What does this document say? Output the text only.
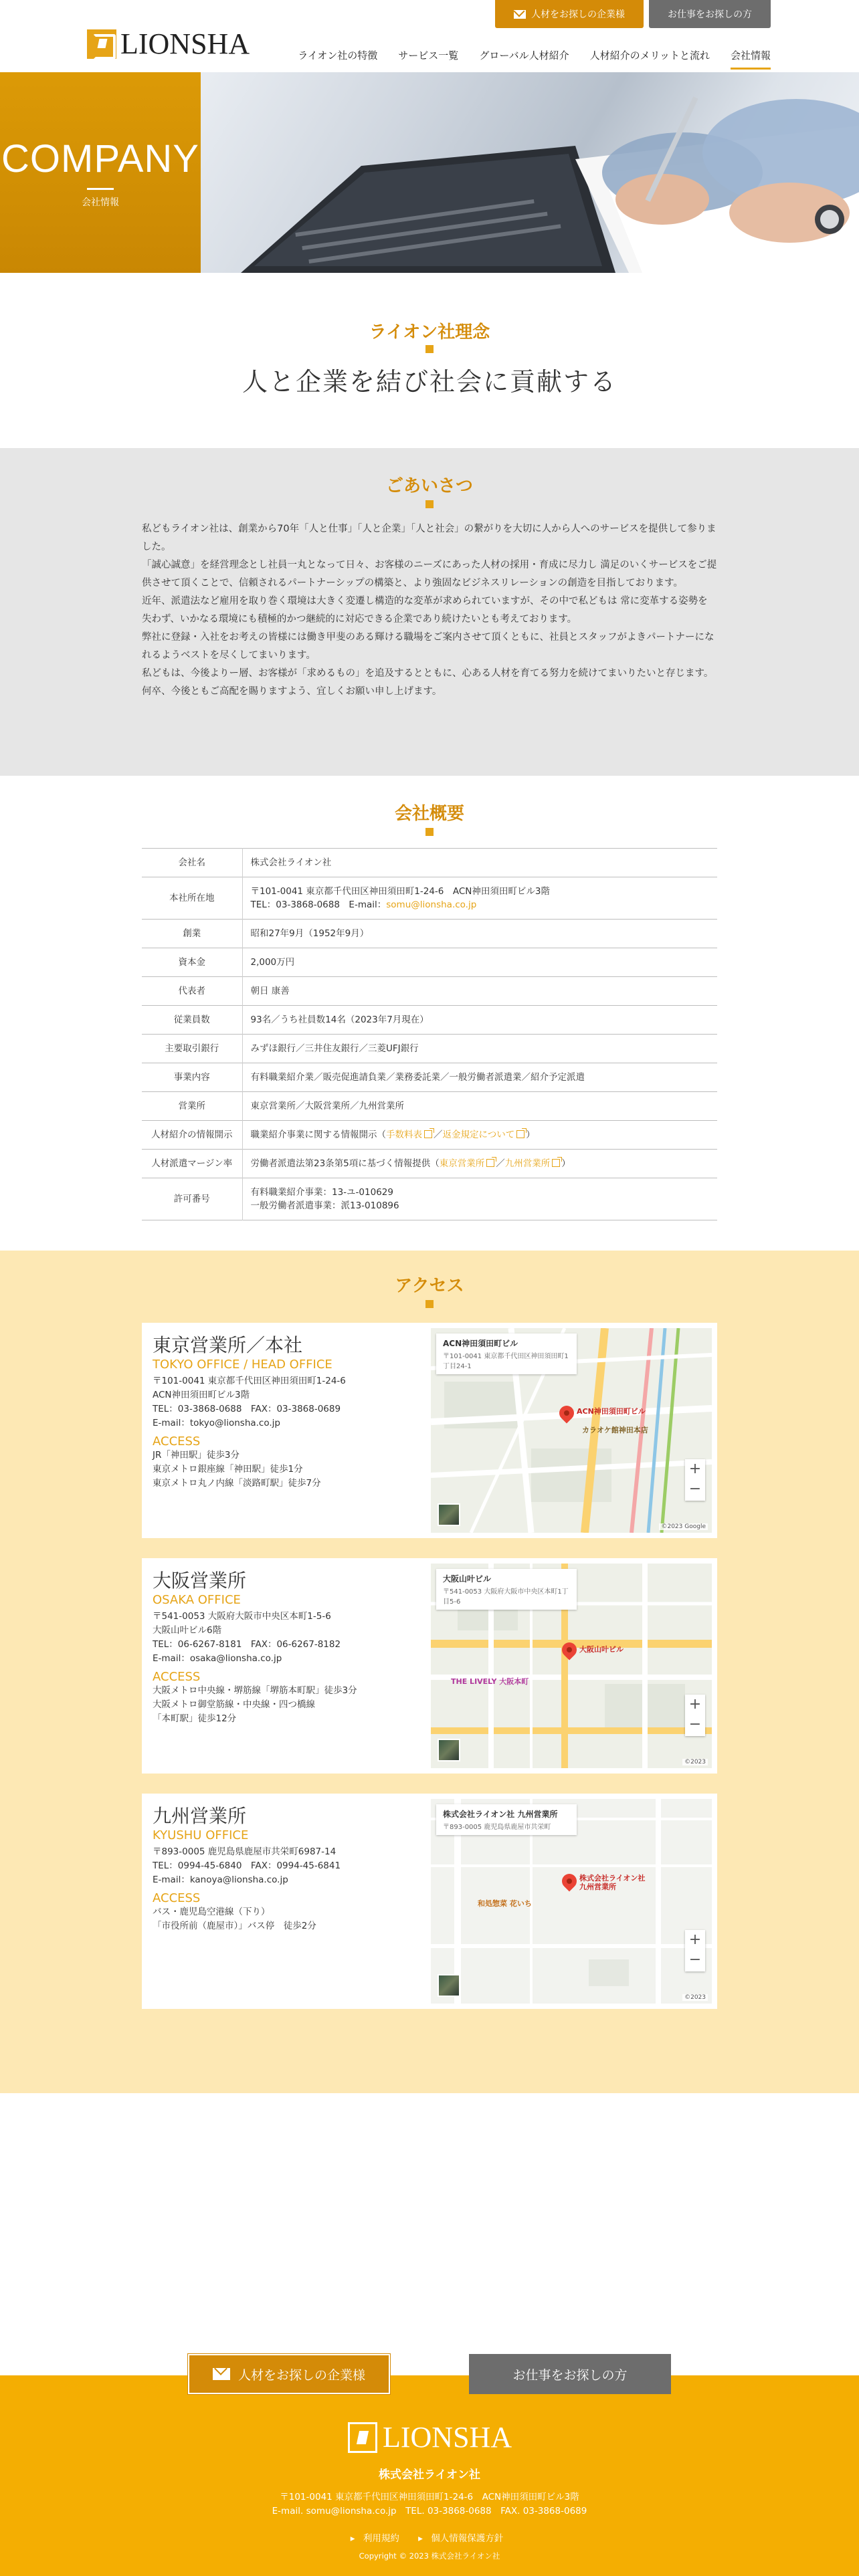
LIONSHA
人材をお探しの企業様	お仕事をお探しの方
ライオン社の特徴 サービス一覧 グローバル人材紹介 人材紹介のメリットと流れ 会社情報
COMPANY
会社情報
ライオン社理念
人と企業を結び社会に貢献する
ごあいさつ

私どもライオン社は、創業から70年「人と仕事」「人と企業」「人と社会」の繋がりを大切に人から人へのサービスを提供して参りました。

「誠心誠意」を経営理念とし社員一丸となって日々、お客様のニーズにあった人材の採用・育成に尽力し 満足のいくサービスをご提供させて頂くことで、信頼されるパートナーシップの構築と、より強固なビジネスリレーションの創造を目指しております。

近年、派遣法など雇用を取り巻く環境は大きく変遷し構造的な変革が求められていますが、その中で私どもは 常に変革する姿勢を失わず、いかなる環境にも積極的かつ継続的に対応できる企業であり続けたいとも考えております。

弊社に登録・入社をお考えの皆様には働き甲斐のある輝ける職場をご案内させて頂くともに、社員とスタッフがよきパートナーになれるようベストを尽くしてまいります。

私どもは、今後よりー層、お客様が「求めるもの」を追及するとともに、心ある人材を育てる努力を続けてまいりたいと存じます。

何卒、今後ともご高配を賜りますよう、宜しくお願い申し上げます。

会社概要
会社名	株式会社ライオン社
本社所在地	〒101-0041 東京都千代田区神田須田町1-24-6　ACN神田須田町ビル3階
TEL：03-3868-0688　E-mail：somu@lionsha.co.jp

創業	昭和27年9月（1952年9月）
資本金	2,000万円
代表者	朝日 康善
従業員数	93名／うち社員数14名（2023年7月現在）
主要取引銀行	みずほ銀行／三井住友銀行／三菱UFJ銀行
事業内容	有料職業紹介業／販売促進請負業／業務委託業／一般労働者派遣業／紹介予定派遣
営業所	東京営業所／大阪営業所／九州営業所
人材紹介の情報開示	職業紹介事業に関する情報開示（手数料表 ／返金規定について ）
人材派遣マージン率	労働者派遣法第23条第5項に基づく情報提供（東京営業所 ／九州営業所 ）
許可番号	有料職業紹介事業：13-ユ-010629
一般労働者派遣事業：派13-010896
アクセス
東京営業所／本社
TOKYO OFFICE / HEAD OFFICE
〒101-0041 東京都千代田区神田須田町1-24-6
ACN神田須田町ビル3階
TEL：03-3868-0688　FAX：03-3868-0689
E-mail：tokyo@lionsha.co.jp
ACCESS
JR「神田駅」徒歩3分
東京メトロ銀座線「神田駅」徒歩1分
東京メトロ丸ノ内線「淡路町駅」徒歩7分
ACN神田須田町ビル
〒101-0041 東京都千代田区神田須田町1丁目24-1
ACN神田須田町ビル
カラオケ館神田本店
+
−
©2023 Google
大阪営業所
OSAKA OFFICE
〒541-0053 大阪府大阪市中央区本町1-5-6
大阪山叶ビル6階
TEL：06-6267-8181　FAX：06-6267-8182
E-mail：osaka@lionsha.co.jp
ACCESS
大阪メトロ中央線・堺筋線「堺筋本町駅」徒歩3分
大阪メトロ御堂筋線・中央線・四つ橋線
「本町駅」徒歩12分
大阪山叶ビル
〒541-0053 大阪府大阪市中央区本町1丁目5-6
大阪山叶ビル
THE LIVELY 大阪本町
+
−
©2023
九州営業所
KYUSHU OFFICE
〒893-0005 鹿児島県鹿屋市共栄町6987-14
TEL：0994-45-6840　FAX：0994-45-6841
E-mail：kanoya@lionsha.co.jp
ACCESS
バス・鹿児島空港線（下り）
「市役所前（鹿屋市）」バス停　徒歩2分
株式会社ライオン社 九州営業所
〒893-0005 鹿児島県鹿屋市共栄町
株式会社ライオン社 九州営業所
和処惣菜 花いち
+
−
©2023
LIONSHA
株式会社ライオン社
〒101-0041 東京都千代田区神田須田町1-24-6　ACN神田須田町ビル3階
E-mail. somu@lionsha.co.jp　TEL. 03-3868-0688　FAX. 03-3868-0689
▸ 利用規約 ▸ 個人情報保護方針
Copyright © 2023 株式会社ライオン社
人材をお探しの企業様	お仕事をお探しの方
